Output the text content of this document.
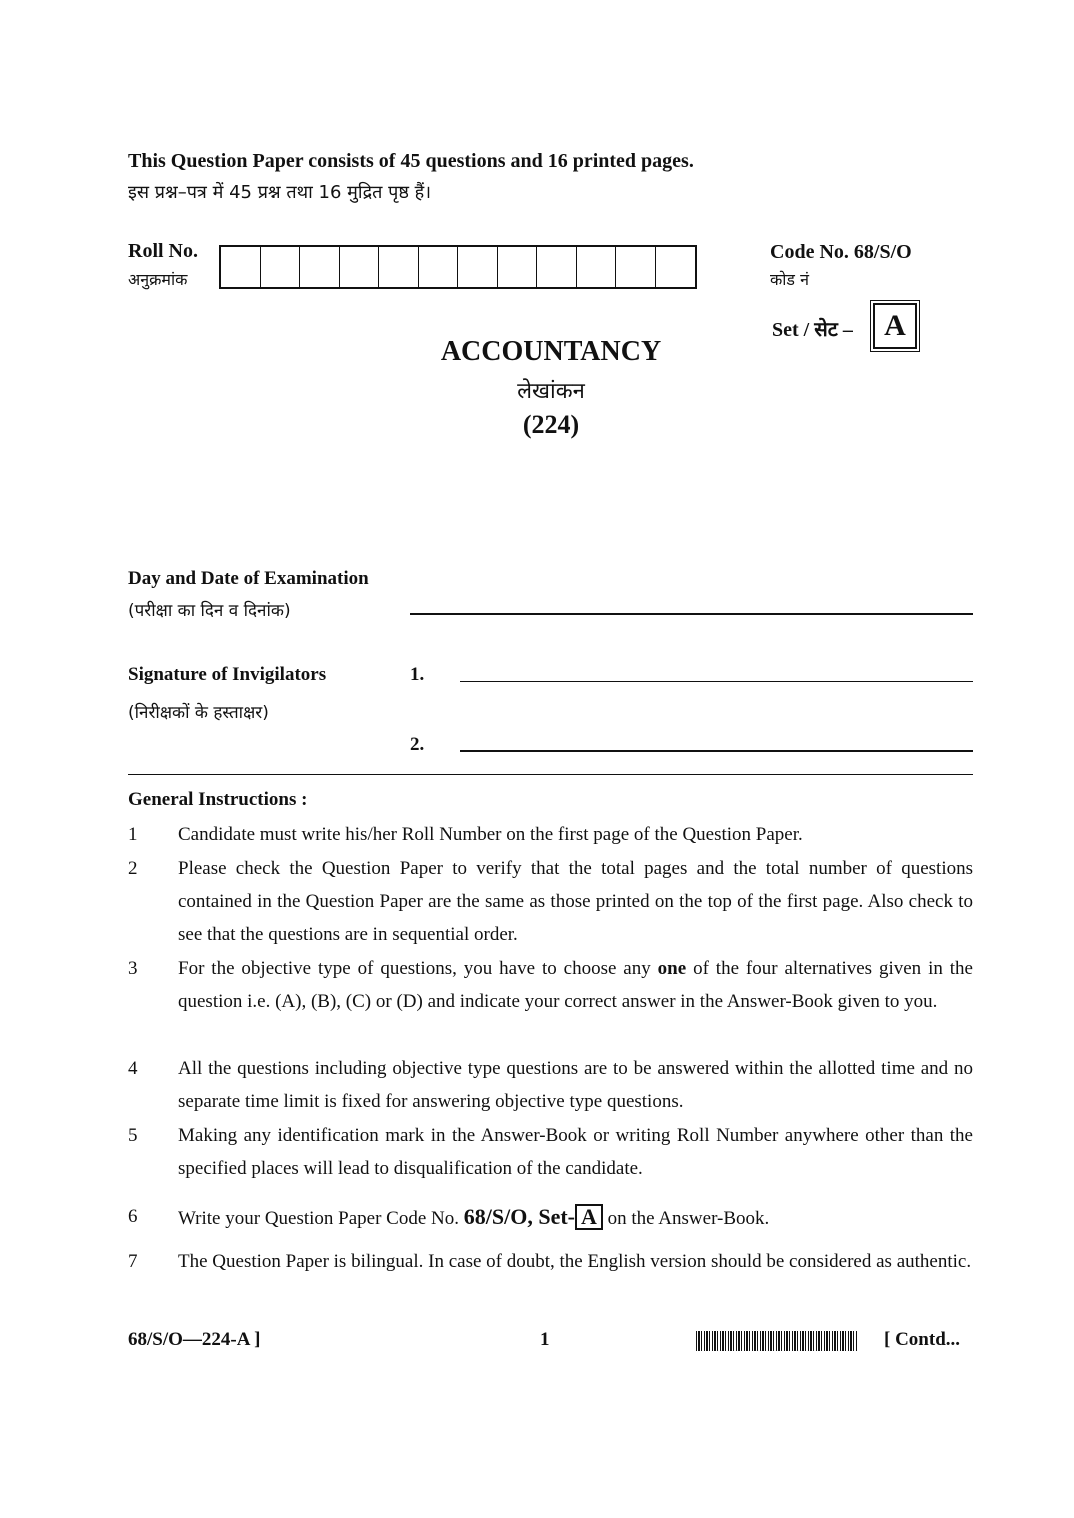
This Question Paper consists of 45 questions and 16 printed pages.
इस प्रश्न–पत्र में 45 प्रश्न तथा 16 मुद्रित पृष्ठ हैं।
Roll No.
अनुक्रमांक
Code No. 68/S/O
कोड नं
Set / सेट –	A
ACCOUNTANCY
लेखांकन
(224)
Day and Date of Examination
(परीक्षा का दिन व दिनांक)
Signature of Invigilators
(निरीक्षकों के हस्ताक्षर)
1.
2.
General Instructions :
1	Candidate must write his/her Roll Number on the first page of the Question Paper.
2	Please check the Question Paper to verify that the total pages and the total number of questions contained in the Question Paper are the same as those printed on the top of the first page. Also check to see that the questions are in sequential order.
3	For the objective type of questions, you have to choose any one of the four alternatives given in the question i.e. (A), (B), (C) or (D) and indicate your correct answer in the Answer-Book given to you.
4	All the questions including objective type questions are to be answered within the allotted time and no separate time limit is fixed for answering objective type questions.
5	Making any identification mark in the Answer-Book or writing Roll Number anywhere other than the specified places will lead to disqualification of the candidate.
6	Write your Question Paper Code No. 68/S/O, Set- A on the Answer-Book.
7	The Question Paper is bilingual. In case of doubt, the English version should be considered as authentic.
68/S/O—224-A ]	1	[ Contd...
